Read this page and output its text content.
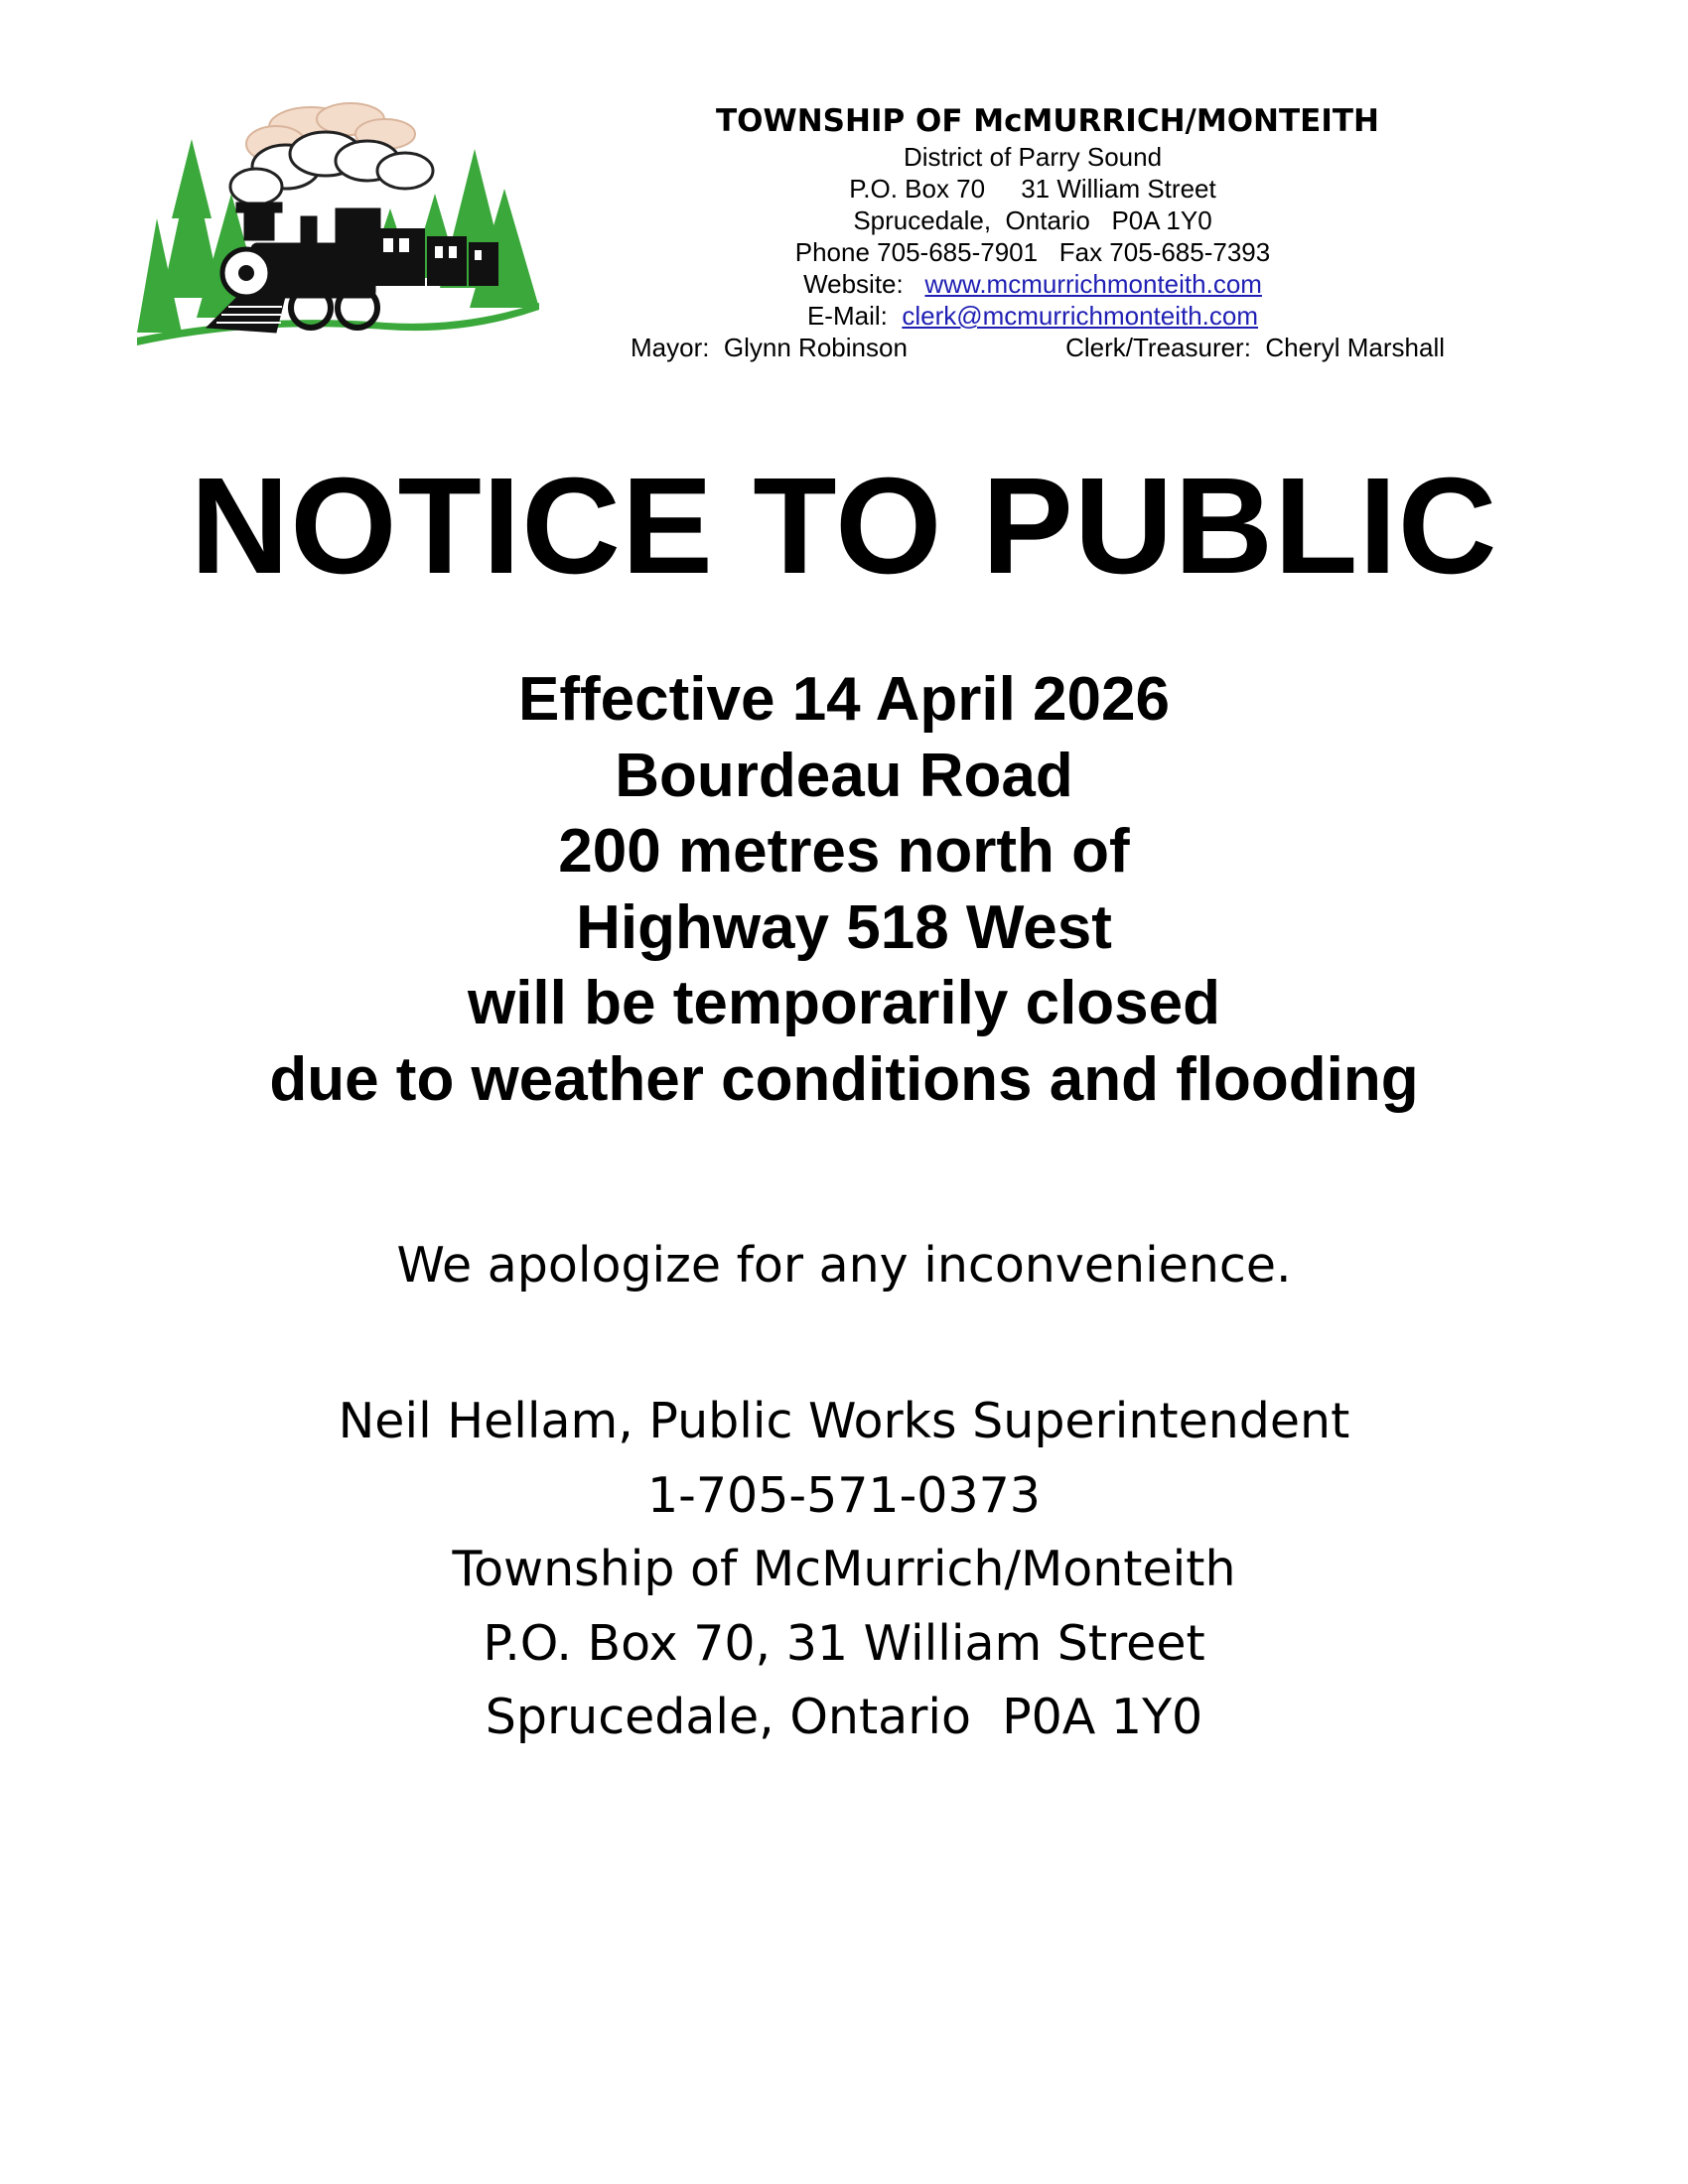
TOWNSHIP OF McMURRICH/MONTEITH
District of Parry Sound
P.O. Box 70     31 William Street
Sprucedale,  Ontario   P0A 1Y0
Phone 705-685-7901   Fax 705-685-7393
Website: www.mcmurrichmonteith.com
E-Mail: clerk@mcmurrichmonteith.com
Mayor:  Glynn Robinson	Clerk/Treasurer:  Cheryl Marshall
NOTICE TO PUBLIC
Effective 14 April 2026
Bourdeau Road
200 metres north of
Highway 518 West
will be temporarily closed
due to weather conditions and flooding
We apologize for any inconvenience.
Neil Hellam, Public Works Superintendent
1-705-571-0373
Township of McMurrich/Monteith
P.O. Box 70, 31 William Street
Sprucedale, Ontario  P0A 1Y0
